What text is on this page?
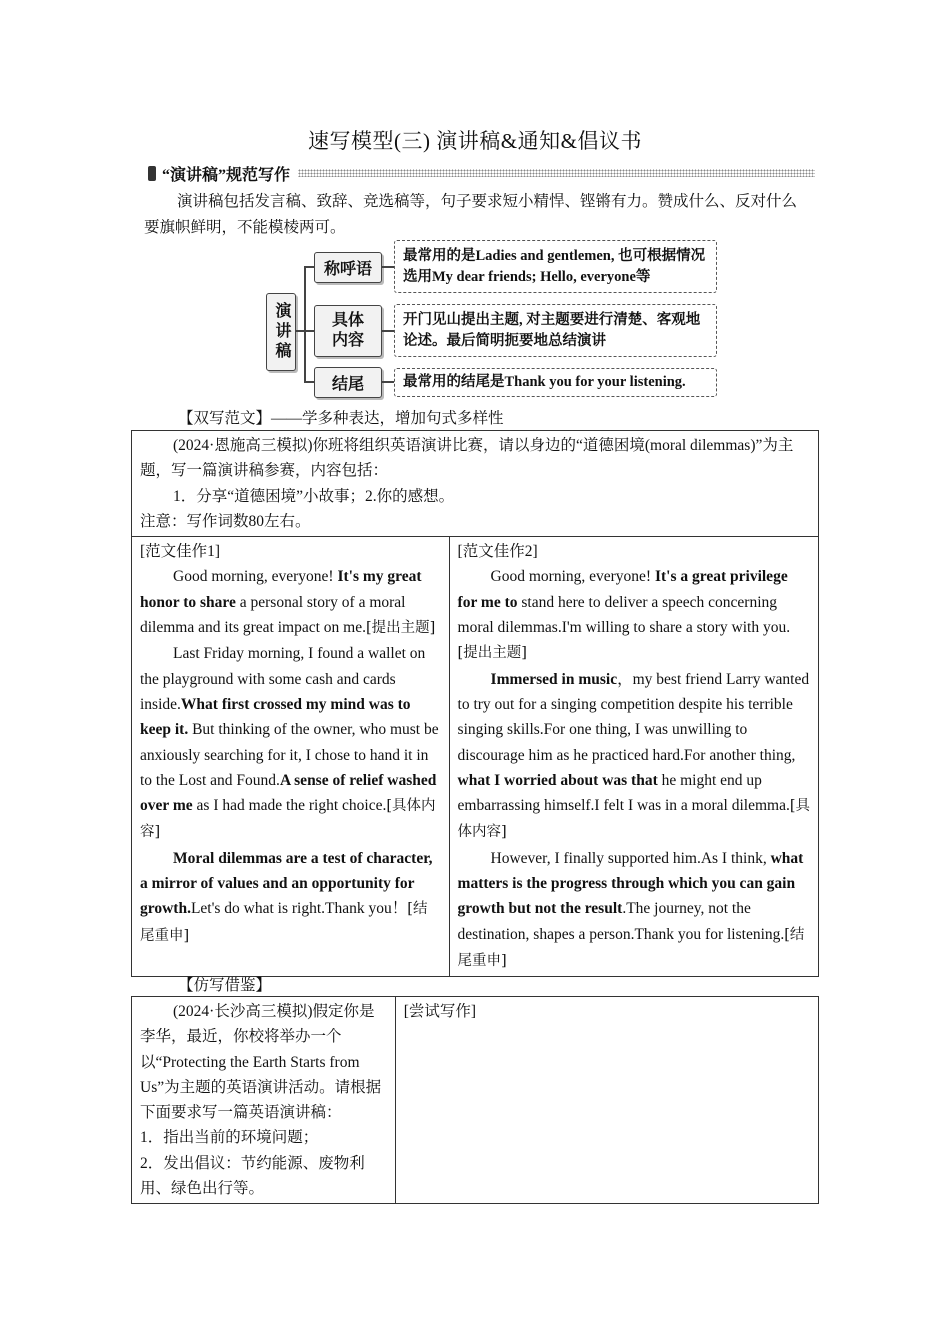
速写模型(三) 演讲稿&通知&倡议书
“演讲稿”规范写作

演讲稿包括发言稿、致辞、竞选稿等，句子要求短小精悍、铿锵有力。赞成什么、反对什么要旗帜鲜明，不能模棱两可。

演讲稿
称呼语
具体内容
结尾
最常用的是Ladies and gentlemen, 也可根据情况选用My dear friends; Hello, everyone等
开门见山提出主题, 对主题要进行清楚、客观地论述。最后简明扼要地总结演讲
最常用的结尾是Thank you for your listening.
【双写范文】——学多种表达，增加句式多样性

(2024·恩施高三模拟)你班将组织英语演讲比赛，请以身边的“道德困境(moral dilemmas)”为主题，写一篇演讲稿参赛，内容包括：

1．分享“道德困境”小故事；2.你的感想。

注意：写作词数80左右。

[范文佳作1]

Good morning, everyone! It's my great honor to share a personal story of a moral dilemma and its great impact on me.[提出主题]

Last Friday morning, I found a wallet on the playground with some cash and cards inside.What first crossed my mind was to keep it. But thinking of the owner, who must be anxiously searching for it, I chose to hand it in to the Lost and Found.A sense of relief washed over me as I had made the right choice.[具体内容]

Moral dilemmas are a test of character, a mirror of values and an opportunity for growth.Let's do what is right.Thank you！[结尾重申]

[范文佳作2]

Good morning, everyone! It's a great privilege for me to stand here to deliver a speech concerning moral dilemmas.I'm willing to share a story with you.[提出主题]

Immersed in music，my best friend Larry wanted to try out for a singing competition despite his terrible singing skills.For one thing, I was unwilling to discourage him as he practiced hard.For another thing, what I worried about was that he might end up embarrassing himself.I felt I was in a moral dilemma.[具体内容]

However, I finally supported him.As I think, what matters is the progress through which you can gain growth but not the result.The journey, not the destination, shapes a person.Thank you for listening.[结尾重申]

【仿写借鉴】

(2024·长沙高三模拟)假定你是李华，最近，你校将举办一个以“Protecting the Earth Starts from Us”为主题的英语演讲活动。请根据下面要求写一篇英语演讲稿：

1．指出当前的环境问题；

2．发出倡议：节约能源、废物利用、绿色出行等。

[尝试写作]
